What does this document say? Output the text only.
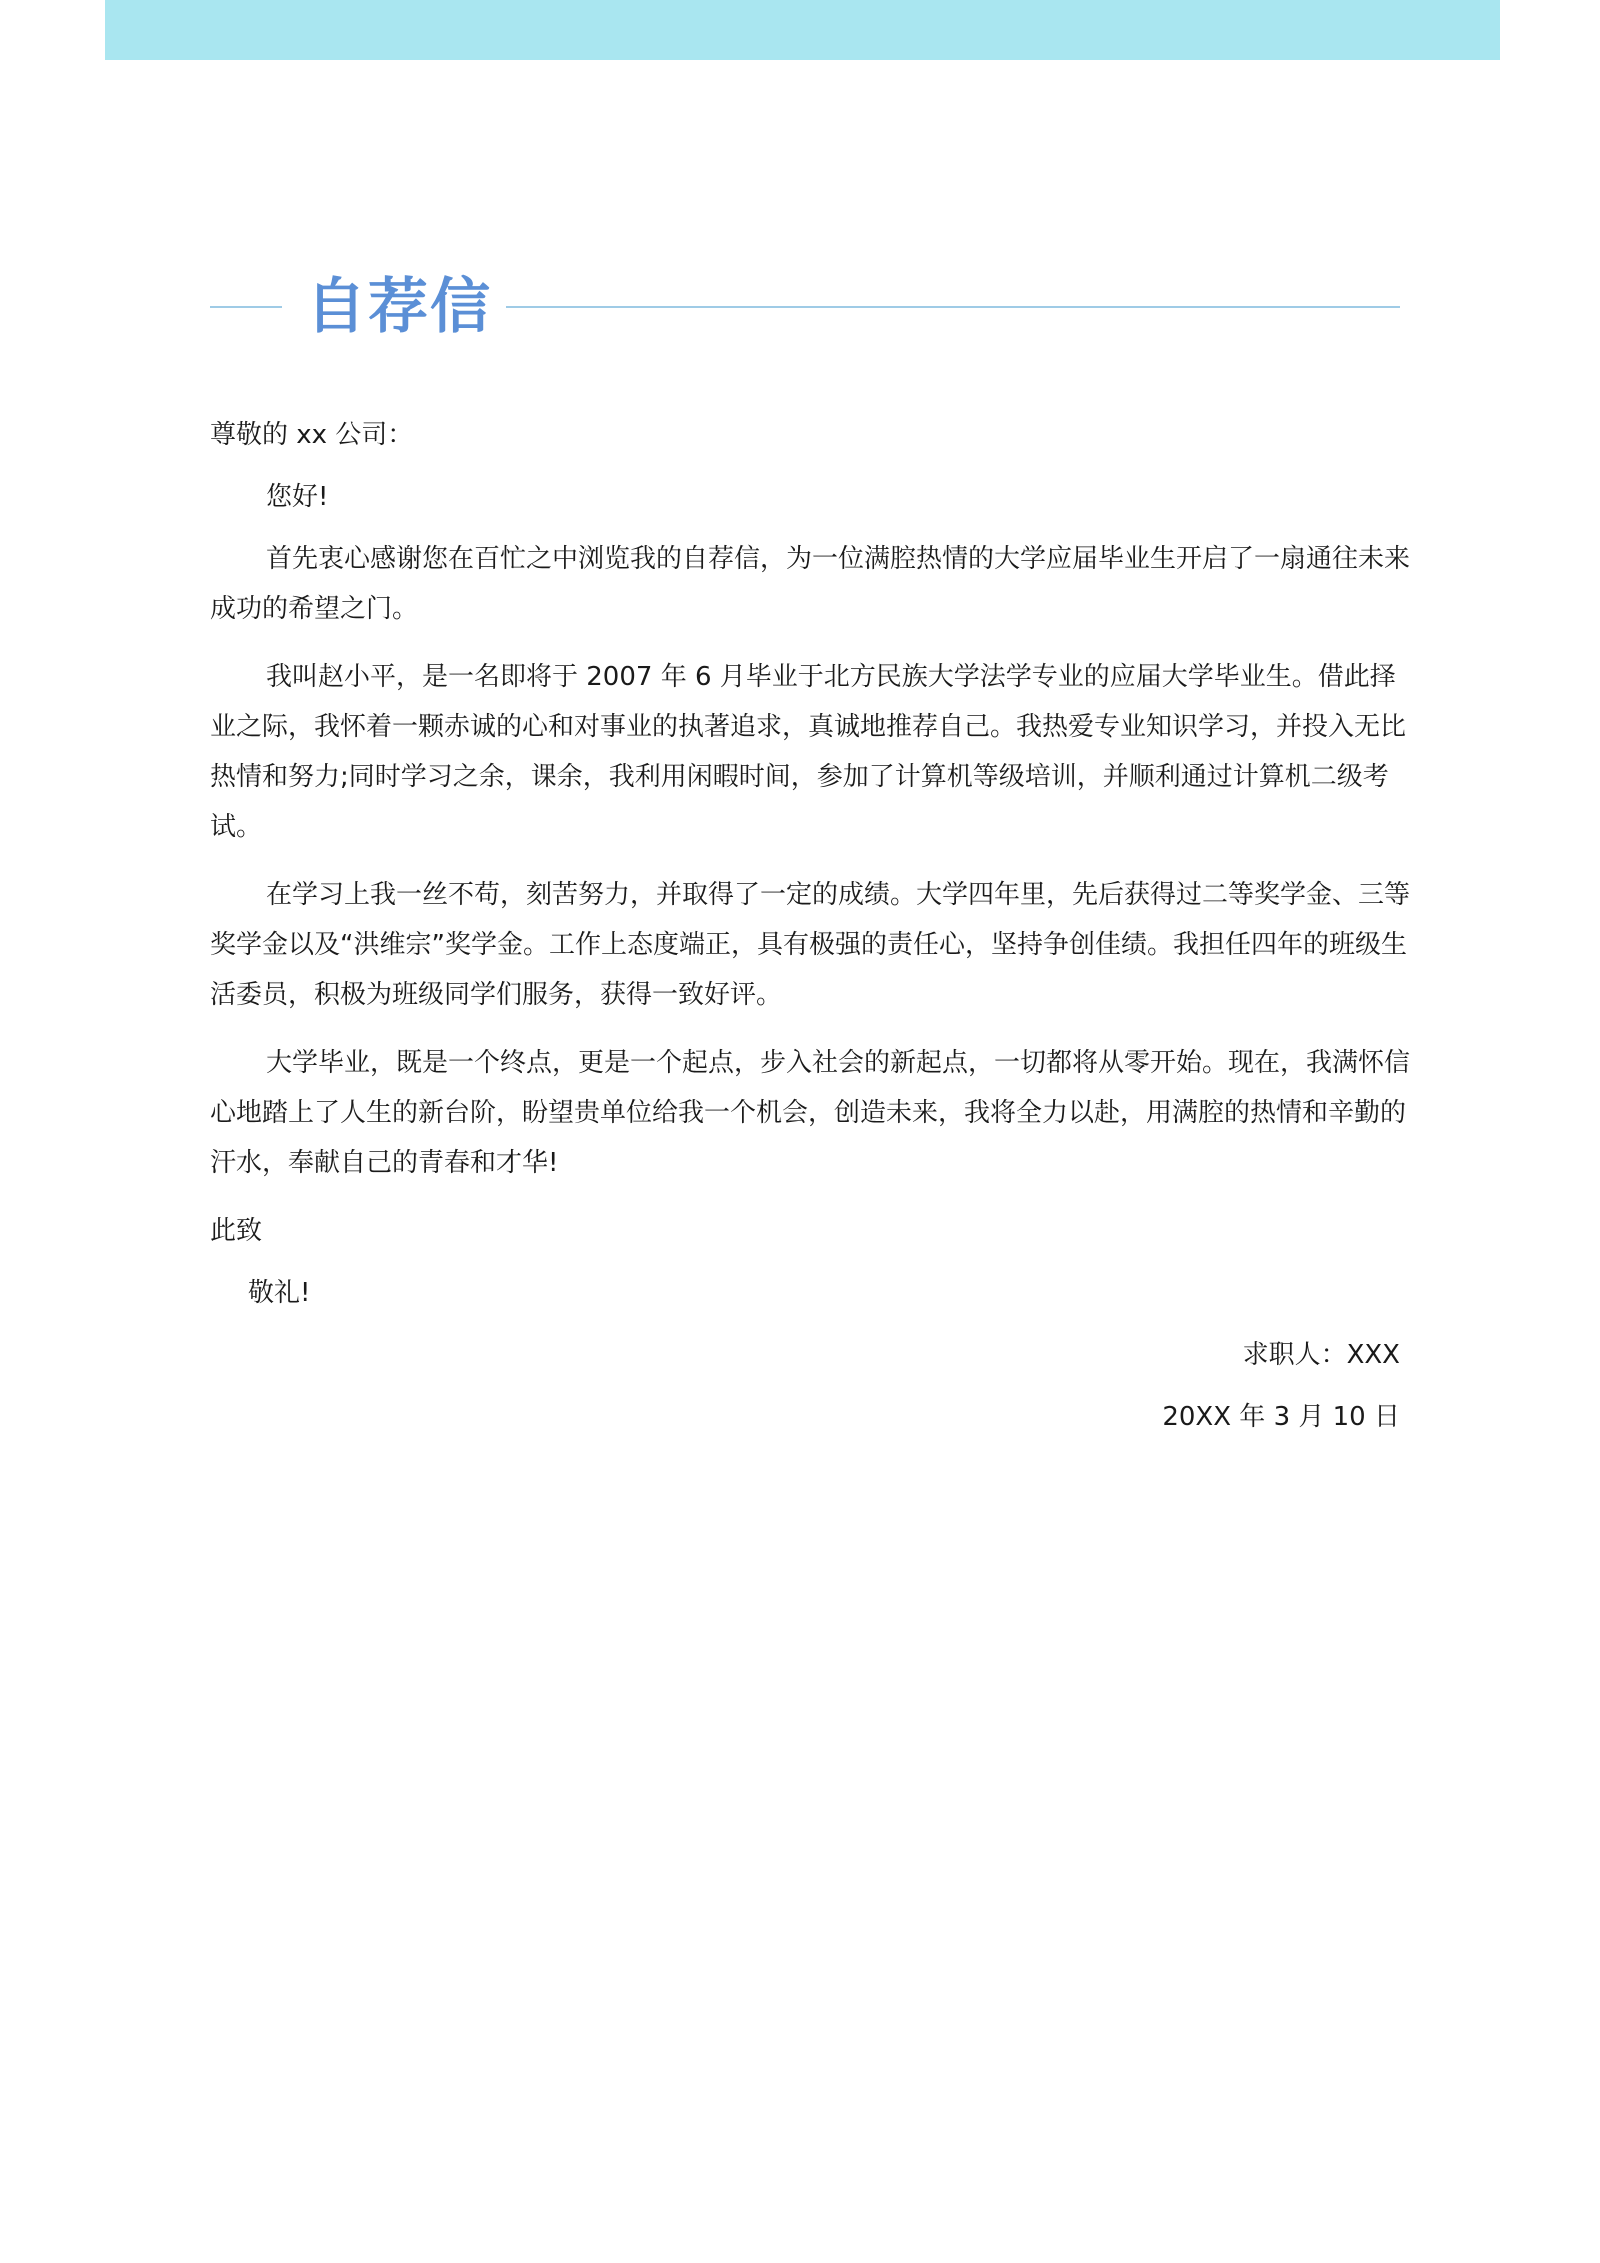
自荐信

尊敬的 xx 公司：

您好!

首先衷心感谢您在百忙之中浏览我的自荐信，为一位满腔热情的大学应届毕业生开启了一扇通往未来成功的希望之门。

我叫赵小平，是一名即将于 2007 年 6 月毕业于北方民族大学法学专业的应届大学毕业生。借此择业之际，我怀着一颗赤诚的心和对事业的执著追求，真诚地推荐自己。我热爱专业知识学习，并投入无比热情和努力;同时学习之余，课余，我利用闲暇时间，参加了计算机等级培训，并顺利通过计算机二级考试。

在学习上我一丝不苟，刻苦努力，并取得了一定的成绩。大学四年里，先后获得过二等奖学金、三等奖学金以及“洪维宗”奖学金。工作上态度端正，具有极强的责任心，坚持争创佳绩。我担任四年的班级生活委员，积极为班级同学们服务，获得一致好评。

大学毕业，既是一个终点，更是一个起点，步入社会的新起点，一切都将从零开始。现在，我满怀信心地踏上了人生的新台阶，盼望贵单位给我一个机会，创造未来，我将全力以赴，用满腔的热情和辛勤的汗水，奉献自己的青春和才华!

此致

敬礼!

求职人：XXX

20XX 年 3 月 10 日
